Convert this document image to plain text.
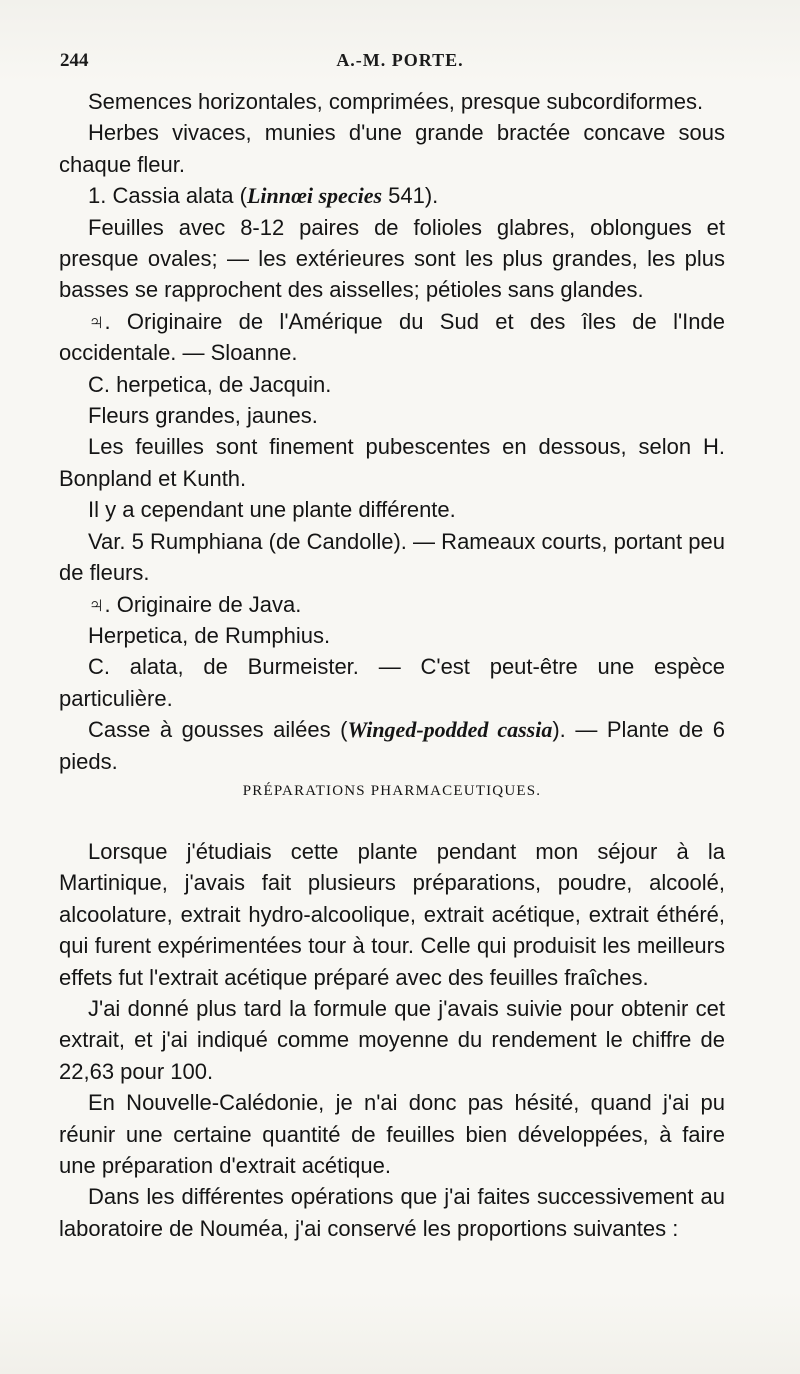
244	A.-M. PORTE.

Semences horizontales, comprimées, presque subcordiformes.

Herbes vivaces, munies d'une grande bractée concave sous chaque fleur.

1. Cassia alata (Linnœi species 541).

Feuilles avec 8-12 paires de folioles glabres, oblongues et presque ovales; — les extérieures sont les plus grandes, les plus basses se rapprochent des aisselles; pétioles sans glandes.

♃. Originaire de l'Amérique du Sud et des îles de l'Inde occidentale. — Sloanne.

C. herpetica, de Jacquin.

Fleurs grandes, jaunes.

Les feuilles sont finement pubescentes en dessous, selon H. Bonpland et Kunth.

Il y a cependant une plante différente.

Var. 5 Rumphiana (de Candolle). — Rameaux courts, portant peu de fleurs.

♃. Originaire de Java.

Herpetica, de Rumphius.

C. alata, de Burmeister. — C'est peut-être une espèce particulière.

Casse à gousses ailées (Winged-podded cassia). — Plante de 6 pieds.

PRÉPARATIONS PHARMACEUTIQUES.

Lorsque j'étudiais cette plante pendant mon séjour à la Martinique, j'avais fait plusieurs préparations, poudre, alcoolé, alcoolature, extrait hydro-alcoolique, extrait acétique, extrait éthéré, qui furent expérimentées tour à tour. Celle qui produisit les meilleurs effets fut l'extrait acétique préparé avec des feuilles fraîches.

J'ai donné plus tard la formule que j'avais suivie pour obtenir cet extrait, et j'ai indiqué comme moyenne du rendement le chiffre de 22,63 pour 100.

En Nouvelle-Calédonie, je n'ai donc pas hésité, quand j'ai pu réunir une certaine quantité de feuilles bien développées, à faire une préparation d'extrait acétique.

Dans les différentes opérations que j'ai faites successivement au laboratoire de Nouméa, j'ai conservé les proportions suivantes :
